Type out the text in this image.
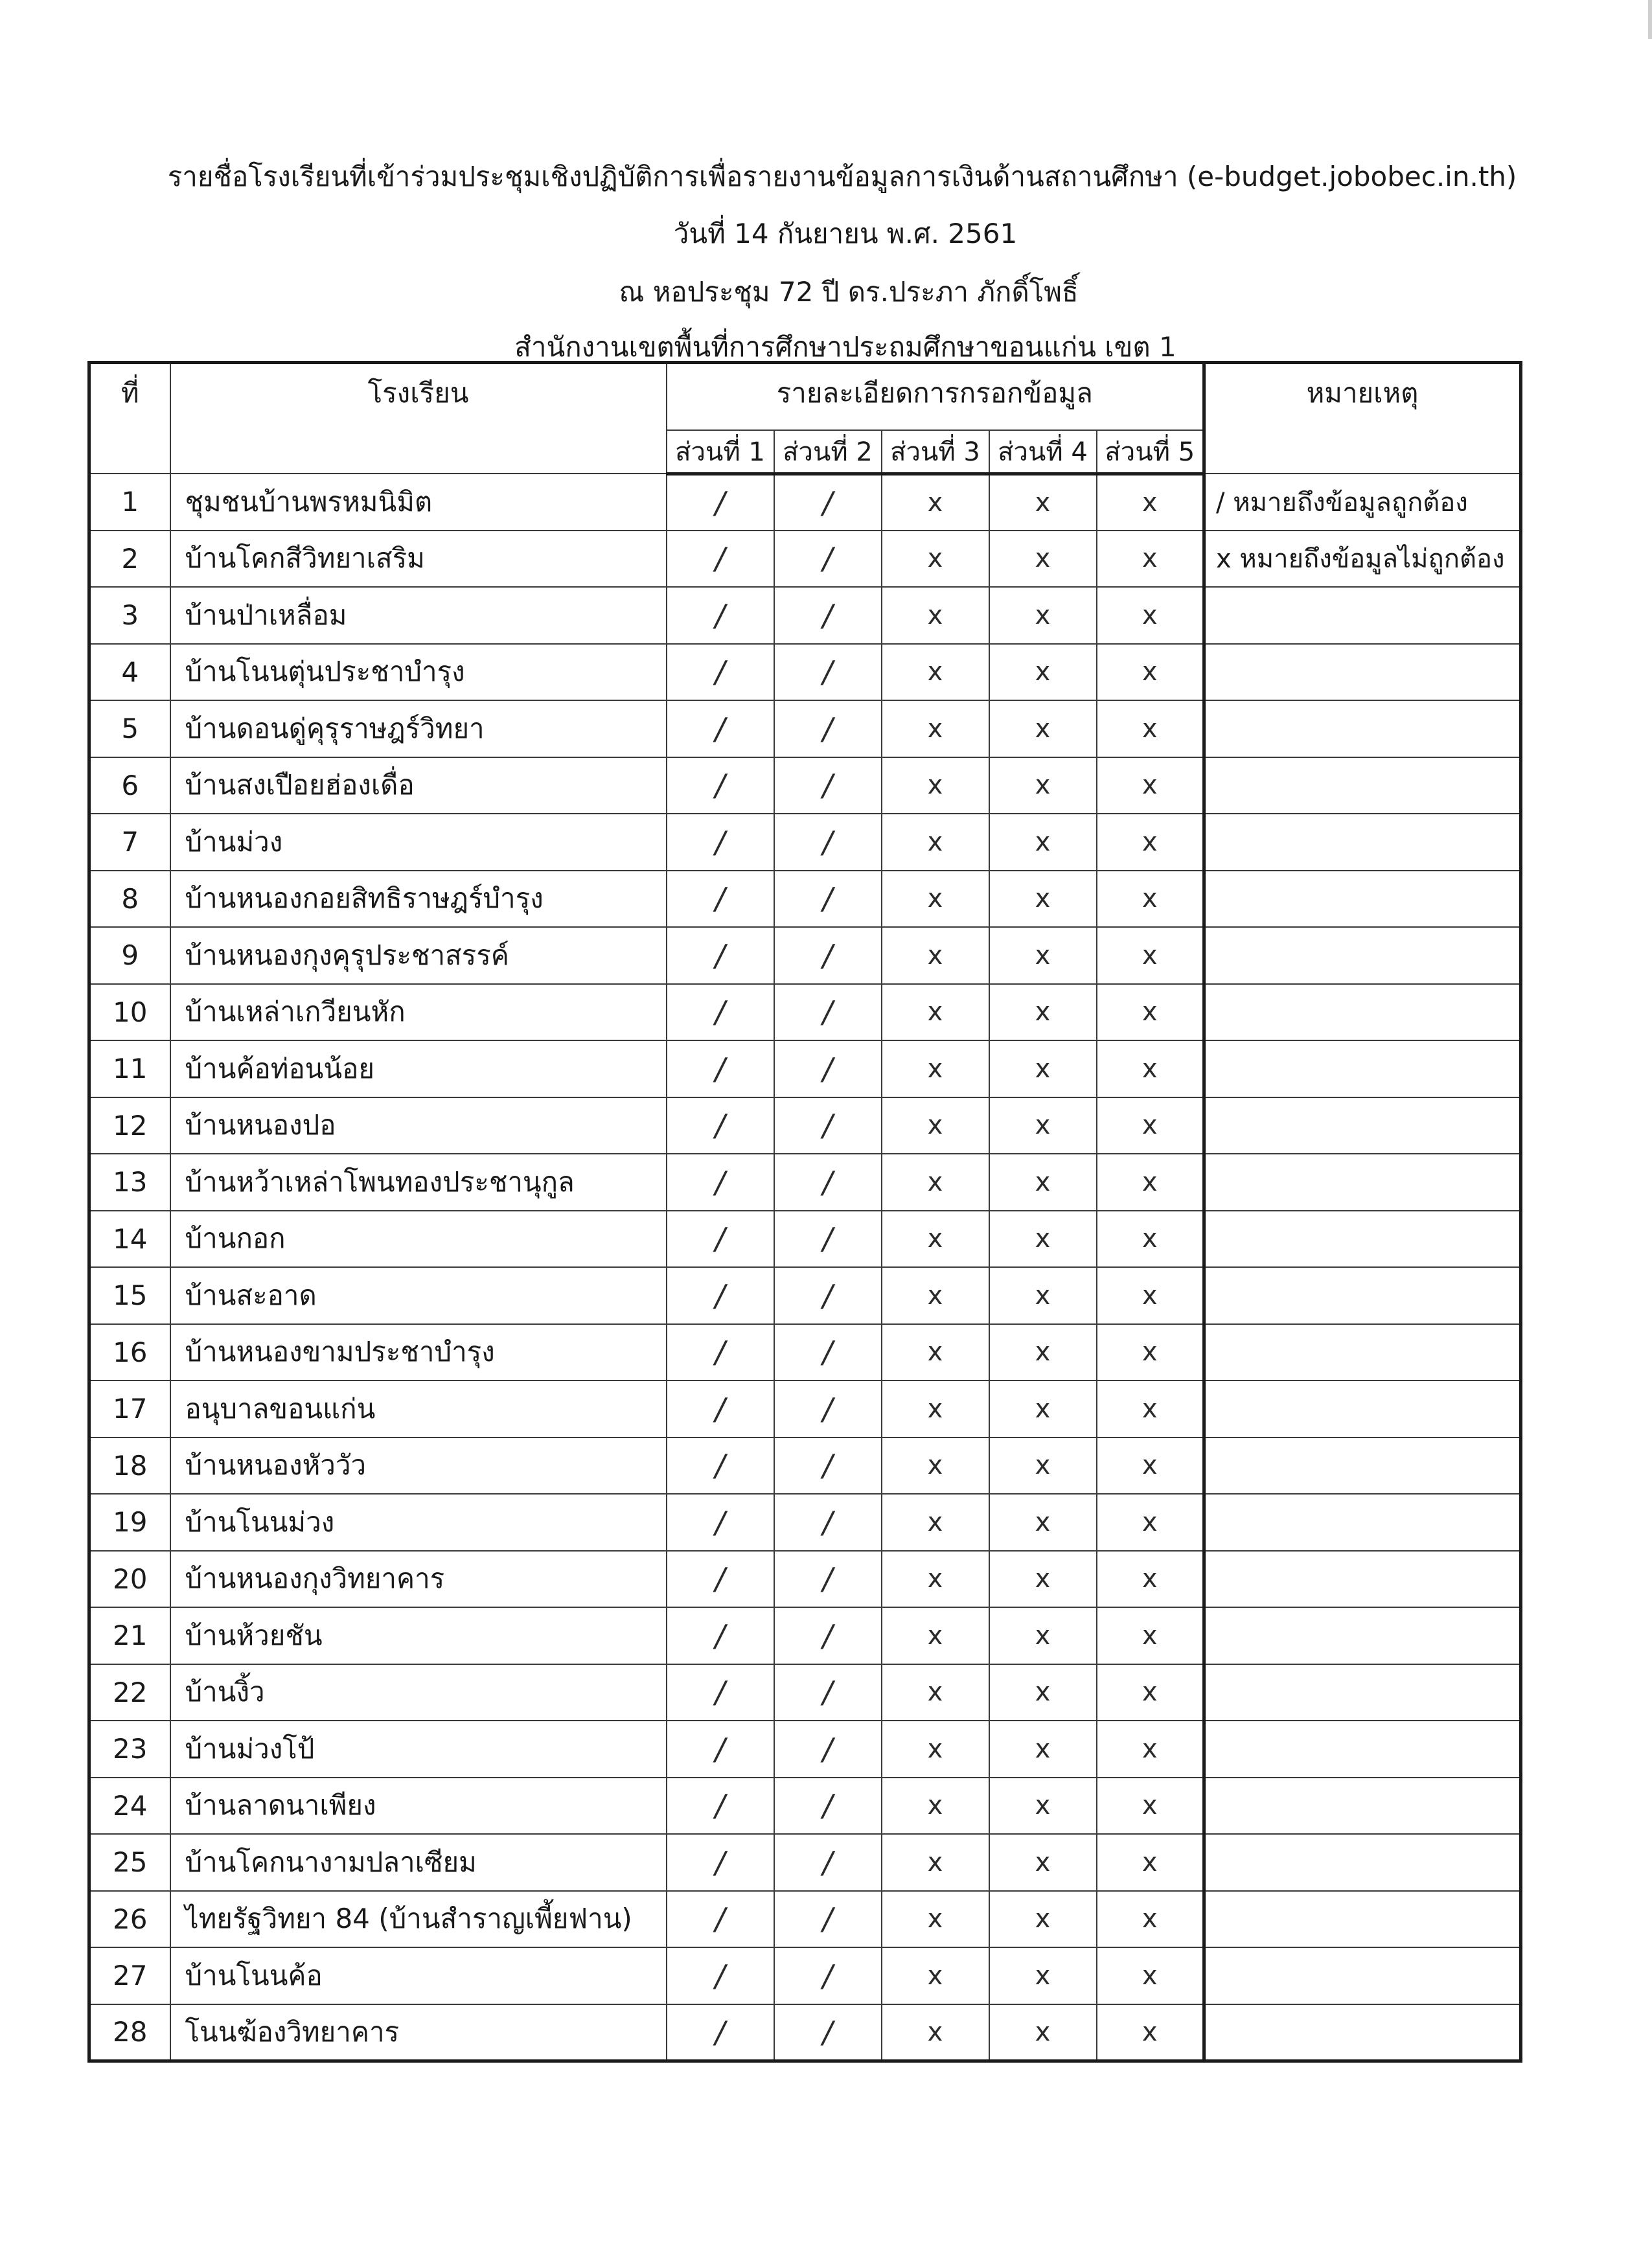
รายชื่อโรงเรียนที่เข้าร่วมประชุมเชิงปฏิบัติการเพื่อรายงานข้อมูลการเงินด้านสถานศึกษา (e-budget.jobobec.in.th)
วันที่ 14 กันยายน พ.ศ. 2561
ณ หอประชุม 72 ปี ดร.ประภา ภักดิ์โพธิ์
สำนักงานเขตพื้นที่การศึกษาประถมศึกษาขอนแก่น เขต 1
ที่	โรงเรียน	รายละเอียดการกรอกข้อมูล					หมายเหตุ
		ส่วนที่ 1	ส่วนที่ 2	ส่วนที่ 3	ส่วนที่ 4	ส่วนที่ 5	
1	ชุมชนบ้านพรหมนิมิต	/	/	x	x	x	/ หมายถึงข้อมูลถูกต้อง
2	บ้านโคกสีวิทยาเสริม	/	/	x	x	x	x หมายถึงข้อมูลไม่ถูกต้อง
3	บ้านป่าเหลื่อม	/	/	x	x	x	
4	บ้านโนนตุ่นประชาบำรุง	/	/	x	x	x	
5	บ้านดอนดู่คุรุราษฎร์วิทยา	/	/	x	x	x	
6	บ้านสงเปือยฮ่องเดื่อ	/	/	x	x	x	
7	บ้านม่วง	/	/	x	x	x	
8	บ้านหนองกอยสิทธิราษฎร์บำรุง	/	/	x	x	x	
9	บ้านหนองกุงคุรุประชาสรรค์	/	/	x	x	x	
10	บ้านเหล่าเกวียนหัก	/	/	x	x	x	
11	บ้านค้อท่อนน้อย	/	/	x	x	x	
12	บ้านหนองปอ	/	/	x	x	x	
13	บ้านหว้าเหล่าโพนทองประชานุกูล	/	/	x	x	x	
14	บ้านกอก	/	/	x	x	x	
15	บ้านสะอาด	/	/	x	x	x	
16	บ้านหนองขามประชาบำรุง	/	/	x	x	x	
17	อนุบาลขอนแก่น	/	/	x	x	x	
18	บ้านหนองหัววัว	/	/	x	x	x	
19	บ้านโนนม่วง	/	/	x	x	x	
20	บ้านหนองกุงวิทยาคาร	/	/	x	x	x	
21	บ้านห้วยชัน	/	/	x	x	x	
22	บ้านงิ้ว	/	/	x	x	x	
23	บ้านม่วงโป้	/	/	x	x	x	
24	บ้านลาดนาเพียง	/	/	x	x	x	
25	บ้านโคกนางามปลาเซียม	/	/	x	x	x	
26	ไทยรัฐวิทยา 84 (บ้านสำราญเพี้ยฟาน)	/	/	x	x	x	
27	บ้านโนนค้อ	/	/	x	x	x	
28	โนนฆ้องวิทยาคาร	/	/	x	x	x	
